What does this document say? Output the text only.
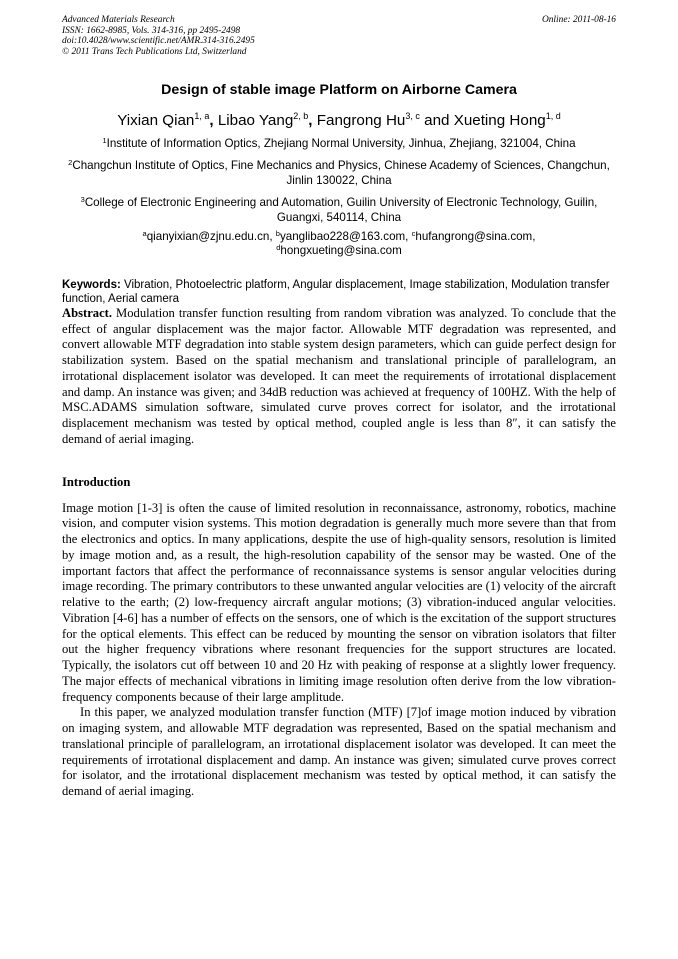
Advanced Materials Research
ISSN: 1662-8985, Vols. 314-316, pp 2495-2498
doi:10.4028/www.scientific.net/AMR.314-316.2495
© 2011 Trans Tech Publications Ltd, Switzerland
Online: 2011-08-16
Design of stable image Platform on Airborne Camera
Yixian Qian$^{1, a}$, Libao Yang$^{2, b}$, Fangrong Hu$^{3, c}$ and Xueting Hong$^{1, d}$
$^1$Institute of Information Optics, Zhejiang Normal University, Jinhua, Zhejiang, 321004, China
$^2$Changchun Institute of Optics, Fine Mechanics and Physics, Chinese Academy of Sciences, Changchun, Jinlin 130022, China
$^3$College of Electronic Engineering and Automation, Guilin University of Electronic Technology, Guilin, Guangxi, 540114, China
$^a$qianyixian@zjnu.edu.cn, $^b$yanglibao228@163.com, $^c$hufangrong@sina.com,
$^d$hongxueting@sina.com
Keywords: Vibration, Photoelectric platform, Angular displacement, Image stabilization, Modulation transfer function, Aerial camera
Abstract. Modulation transfer function resulting from random vibration was analyzed. To conclude that the effect of angular displacement was the major factor. Allowable MTF degradation was represented, and convert allowable MTF degradation into stable system design parameters, which can guide perfect design for stabilization system. Based on the spatial mechanism and translational principle of parallelogram, an irrotational displacement isolator was developed. It can meet the requirements of irrotational displacement and damp. An instance was given; and 34dB reduction was achieved at frequency of 100HZ. With the help of MSC.ADAMS simulation software, simulated curve proves correct for isolator, and the irrotational displacement mechanism was tested by optical method, coupled angle is less than 8″, it can satisfy the demand of aerial imaging.
Introduction
Image motion [1-3] is often the cause of limited resolution in reconnaissance, astronomy, robotics, machine vision, and computer vision systems. This motion degradation is generally much more severe than that from the electronics and optics. In many applications, despite the use of high-quality sensors, resolution is limited by image motion and, as a result, the high-resolution capability of the sensor may be wasted. One of the important factors that affect the performance of reconnaissance systems is sensor angular velocities during image recording. The primary contributors to these unwanted angular velocities are (1) velocity of the aircraft relative to the earth; (2) low-frequency aircraft angular motions; (3) vibration-induced angular velocities. Vibration [4-6] has a number of effects on the sensors, one of which is the excitation of the support structures for the optical elements. This effect can be reduced by mounting the sensor on vibration isolators that filter out the higher frequency vibrations where resonant frequencies for the support structures are located. Typically, the isolators cut off between 10 and 20 Hz with peaking of response at a slightly lower frequency. The major effects of mechanical vibrations in limiting image resolution often derive from the low vibration-frequency components because of their large amplitude.
In this paper, we analyzed modulation transfer function (MTF) [7]of image motion induced by vibration on imaging system, and allowable MTF degradation was represented, Based on the spatial mechanism and translational principle of parallelogram, an irrotational displacement isolator was developed. It can meet the requirements of irrotational displacement and damp. An instance was given; simulated curve proves correct for isolator, and the irrotational displacement mechanism was tested by optical method, it can satisfy the demand of aerial imaging.
